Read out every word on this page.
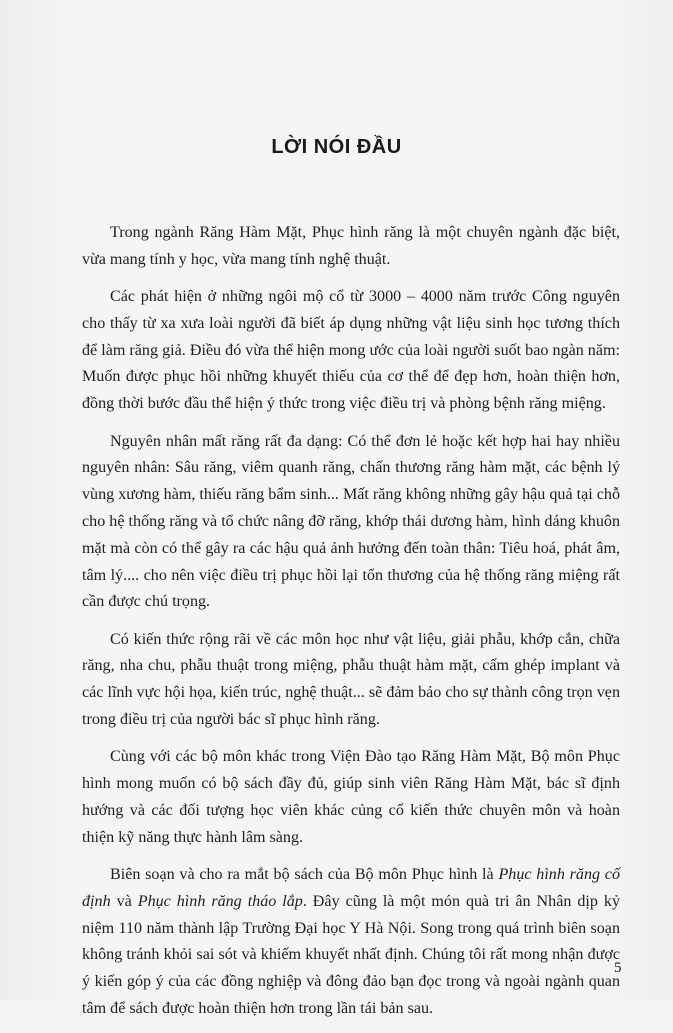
LỜI NÓI ĐẦU

Trong ngành Răng Hàm Mặt, Phục hình răng là một chuyên ngành đặc biệt, vừa mang tính y học, vừa mang tính nghệ thuật.

Các phát hiện ở những ngôi mộ cổ từ 3000 – 4000 năm trước Công nguyên cho thấy từ xa xưa loài người đã biết áp dụng những vật liệu sinh học tương thích để làm răng giả. Điều đó vừa thể hiện mong ước của loài người suốt bao ngàn năm: Muốn được phục hồi những khuyết thiếu của cơ thể để đẹp hơn, hoàn thiện hơn, đồng thời bước đầu thể hiện ý thức trong việc điều trị và phòng bệnh răng miệng.

Nguyên nhân mất răng rất đa dạng: Có thể đơn lẻ hoặc kết hợp hai hay nhiều nguyên nhân: Sâu răng, viêm quanh răng, chấn thương răng hàm mặt, các bệnh lý vùng xương hàm, thiếu răng bẩm sinh... Mất răng không những gây hậu quả tại chỗ cho hệ thống răng và tổ chức nâng đỡ răng, khớp thái dương hàm, hình dáng khuôn mặt mà còn có thể gây ra các hậu quả ảnh hưởng đến toàn thân: Tiêu hoá, phát âm, tâm lý.... cho nên việc điều trị phục hồi lại tổn thương của hệ thống răng miệng rất cần được chú trọng.

Có kiến thức rộng rãi về các môn học như vật liệu, giải phẫu, khớp cắn, chữa răng, nha chu, phẫu thuật trong miệng, phẫu thuật hàm mặt, cấm ghép implant và các lĩnh vực hội họa, kiến trúc, nghệ thuật... sẽ đảm bảo cho sự thành công trọn vẹn trong điều trị của người bác sĩ phục hình răng.

Cùng với các bộ môn khác trong Viện Đào tạo Răng Hàm Mặt, Bộ môn Phục hình mong muốn có bộ sách đầy đủ, giúp sinh viên Răng Hàm Mặt, bác sĩ định hướng và các đối tượng học viên khác củng cố kiến thức chuyên môn và hoàn thiện kỹ năng thực hành lâm sàng.

Biên soạn và cho ra mắt bộ sách của Bộ môn Phục hình là Phục hình răng cố định và Phục hình răng tháo lắp. Đây cũng là một món quà tri ân Nhân dịp kỷ niệm 110 năm thành lập Trường Đại học Y Hà Nội. Song trong quá trình biên soạn không tránh khỏi sai sót và khiếm khuyết nhất định. Chúng tôi rất mong nhận được ý kiến góp ý của các đồng nghiệp và đông đảo bạn đọc trong và ngoài ngành quan tâm để sách được hoàn thiện hơn trong lần tái bản sau.

5
